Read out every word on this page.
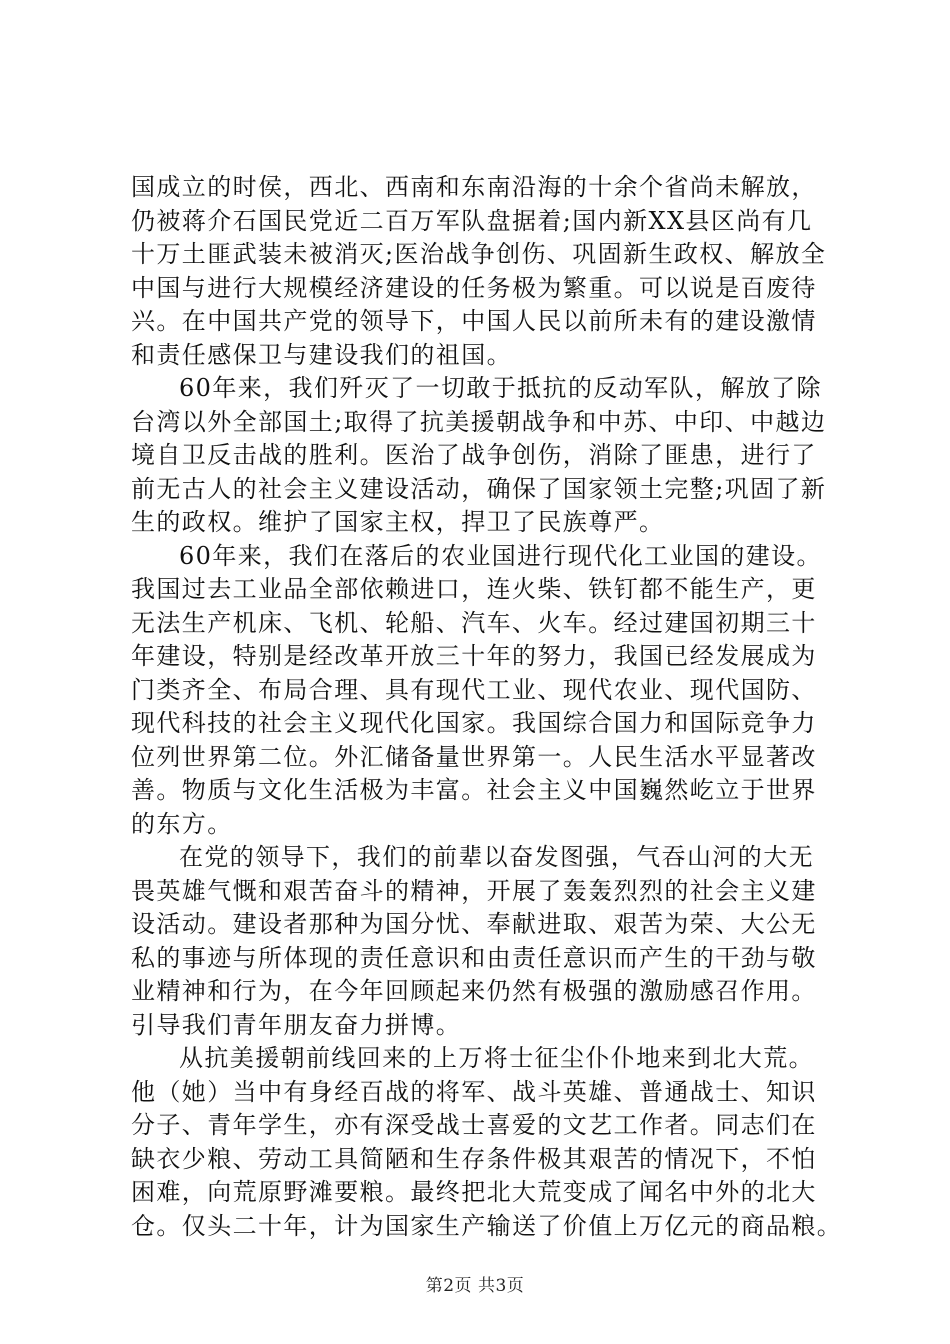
国成立的时侯，西北、西南和东南沿海的十余个省尚未解放，
仍被蒋介石国民党近二百万军队盘据着;国内新XX县区尚有几
十万土匪武装未被消灭;医治战争创伤、巩固新生政权、解放全
中国与进行大规模经济建设的任务极为繁重。可以说是百废待
兴。在中国共产党的领导下，中国人民以前所未有的建设激情
和责任感保卫与建设我们的祖国。
60年来，我们歼灭了一切敢于抵抗的反动军队，解放了除
台湾以外全部国土;取得了抗美援朝战争和中苏、中印、中越边
境自卫反击战的胜利。医治了战争创伤，消除了匪患，进行了
前无古人的社会主义建设活动，确保了国家领土完整;巩固了新
生的政权。维护了国家主权，捍卫了民族尊严。
60年来，我们在落后的农业国进行现代化工业国的建设。
我国过去工业品全部依赖进口，连火柴、铁钉都不能生产，更
无法生产机床、飞机、轮船、汽车、火车。经过建国初期三十
年建设，特别是经改革开放三十年的努力，我国已经发展成为
门类齐全、布局合理、具有现代工业、现代农业、现代国防、
现代科技的社会主义现代化国家。我国综合国力和国际竞争力
位列世界第二位。外汇储备量世界第一。人民生活水平显著改
善。物质与文化生活极为丰富。社会主义中国巍然屹立于世界
的东方。
在党的领导下，我们的前辈以奋发图强，气吞山河的大无
畏英雄气慨和艰苦奋斗的精神，开展了轰轰烈烈的社会主义建
设活动。建设者那种为国分忧、奉献进取、艰苦为荣、大公无
私的事迹与所体现的责任意识和由责任意识而产生的干劲与敬
业精神和行为，在今年回顾起来仍然有极强的激励感召作用。
引导我们青年朋友奋力拼博。
从抗美援朝前线回来的上万将士征尘仆仆地来到北大荒。
他（她）当中有身经百战的将军、战斗英雄、普通战士、知识
分子、青年学生，亦有深受战士喜爱的文艺工作者。同志们在
缺衣少粮、劳动工具简陋和生存条件极其艰苦的情况下，不怕
困难，向荒原野滩要粮。最终把北大荒变成了闻名中外的北大
仓。仅头二十年，计为国家生产输送了价值上万亿元的商品粮。
第2页 共3页
